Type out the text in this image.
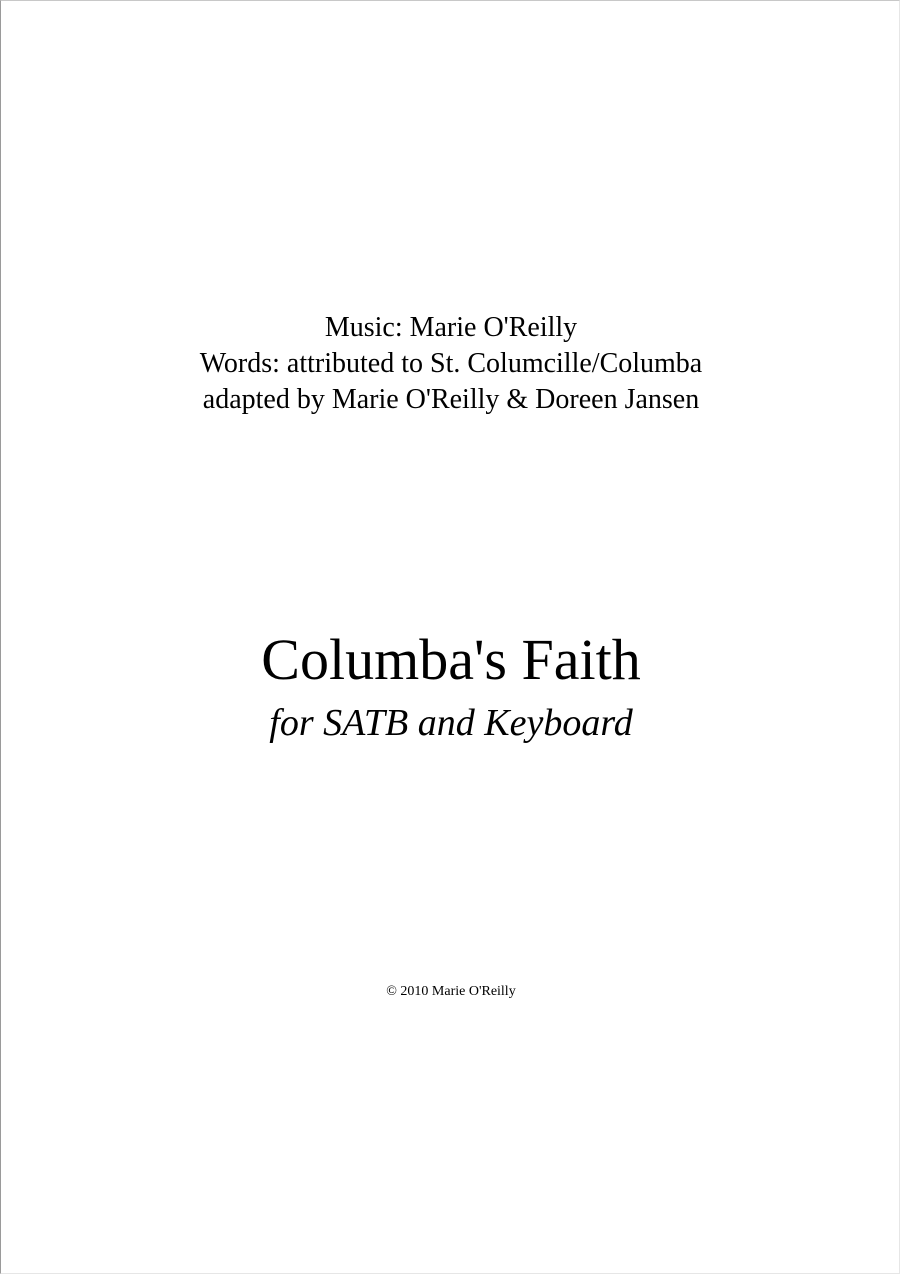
Music: Marie O'Reilly
Words: attributed to St. Columcille/Columba
adapted by Marie O'Reilly & Doreen Jansen
Columba's Faith
for SATB and Keyboard
© 2010 Marie O'Reilly
